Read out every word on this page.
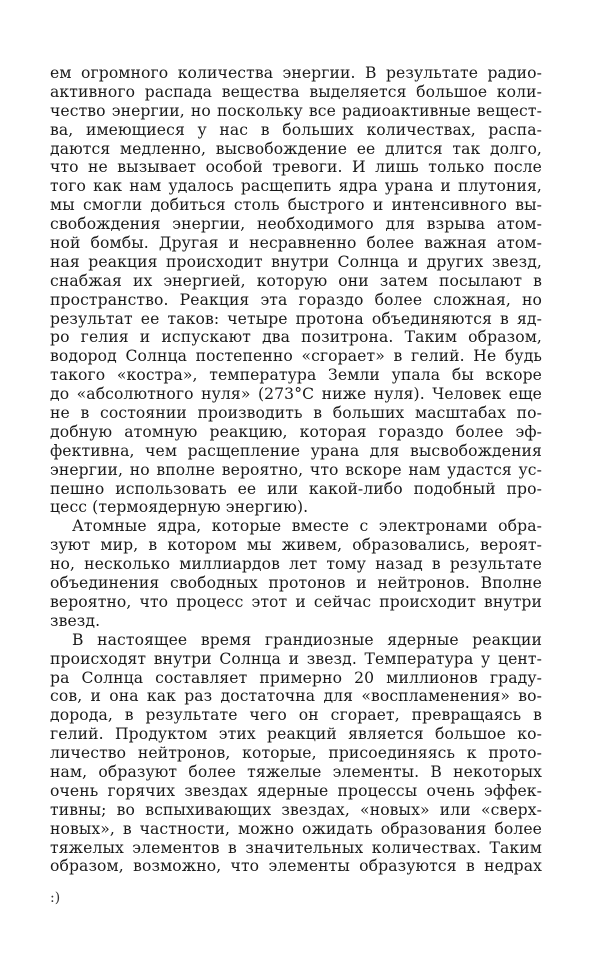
ем огромного количества энергии. В результате радио-
активного распада вещества выделяется большое коли-
чество энергии, но поскольку все радиоактивные вещест-
ва, имеющиеся у нас в больших количествах, распа-
даются медленно, высвобождение ее длится так долго,
что не вызывает особой тревоги. И лишь только после
того как нам удалось расщепить ядра урана и плутония,
мы смогли добиться столь быстрого и интенсивного вы-
свобождения энергии, необходимого для взрыва атом-
ной бомбы. Другая и несравненно более важная атом-
ная реакция происходит внутри Солнца и других звезд,
снабжая их энергией, которую они затем посылают в
пространство. Реакция эта гораздо более сложная, но
результат ее таков: четыре протона объединяются в яд-
ро гелия и испускают два позитрона. Таким образом,
водород Солнца постепенно «сгорает» в гелий. Не будь
такого «костра», температура Земли упала бы вскоре
до «абсолютного нуля» (273°С ниже нуля). Человек еще
не в состоянии производить в больших масштабах по-
добную атомную реакцию, которая гораздо более эф-
фективна, чем расщепление урана для высвобождения
энергии, но вполне вероятно, что вскоре нам удастся ус-
пешно использовать ее или какой-либо подобный про-
цесс (термоядерную энергию).
Атомные ядра, которые вместе с электронами обра-
зуют мир, в котором мы живем, образовались, вероят-
но, несколько миллиардов лет тому назад в результате
объединения свободных протонов и нейтронов. Вполне
вероятно, что процесс этот и сейчас происходит внутри
звезд.
В настоящее время грандиозные ядерные реакции
происходят внутри Солнца и звезд. Температура у цент-
ра Солнца составляет примерно 20 миллионов граду-
сов, и она как раз достаточна для «воспламенения» во-
дорода, в результате чего он сгорает, превращаясь в
гелий. Продуктом этих реакций является большое ко-
личество нейтронов, которые, присоединяясь к прото-
нам, образуют более тяжелые элементы. В некоторых
очень горячих звездах ядерные процессы очень эффек-
тивны; во вспыхивающих звездах, «новых» или «сверх-
новых», в частности, можно ожидать образования более
тяжелых элементов в значительных количествах. Таким
образом, возможно, что элементы образуются в недрах
:)
